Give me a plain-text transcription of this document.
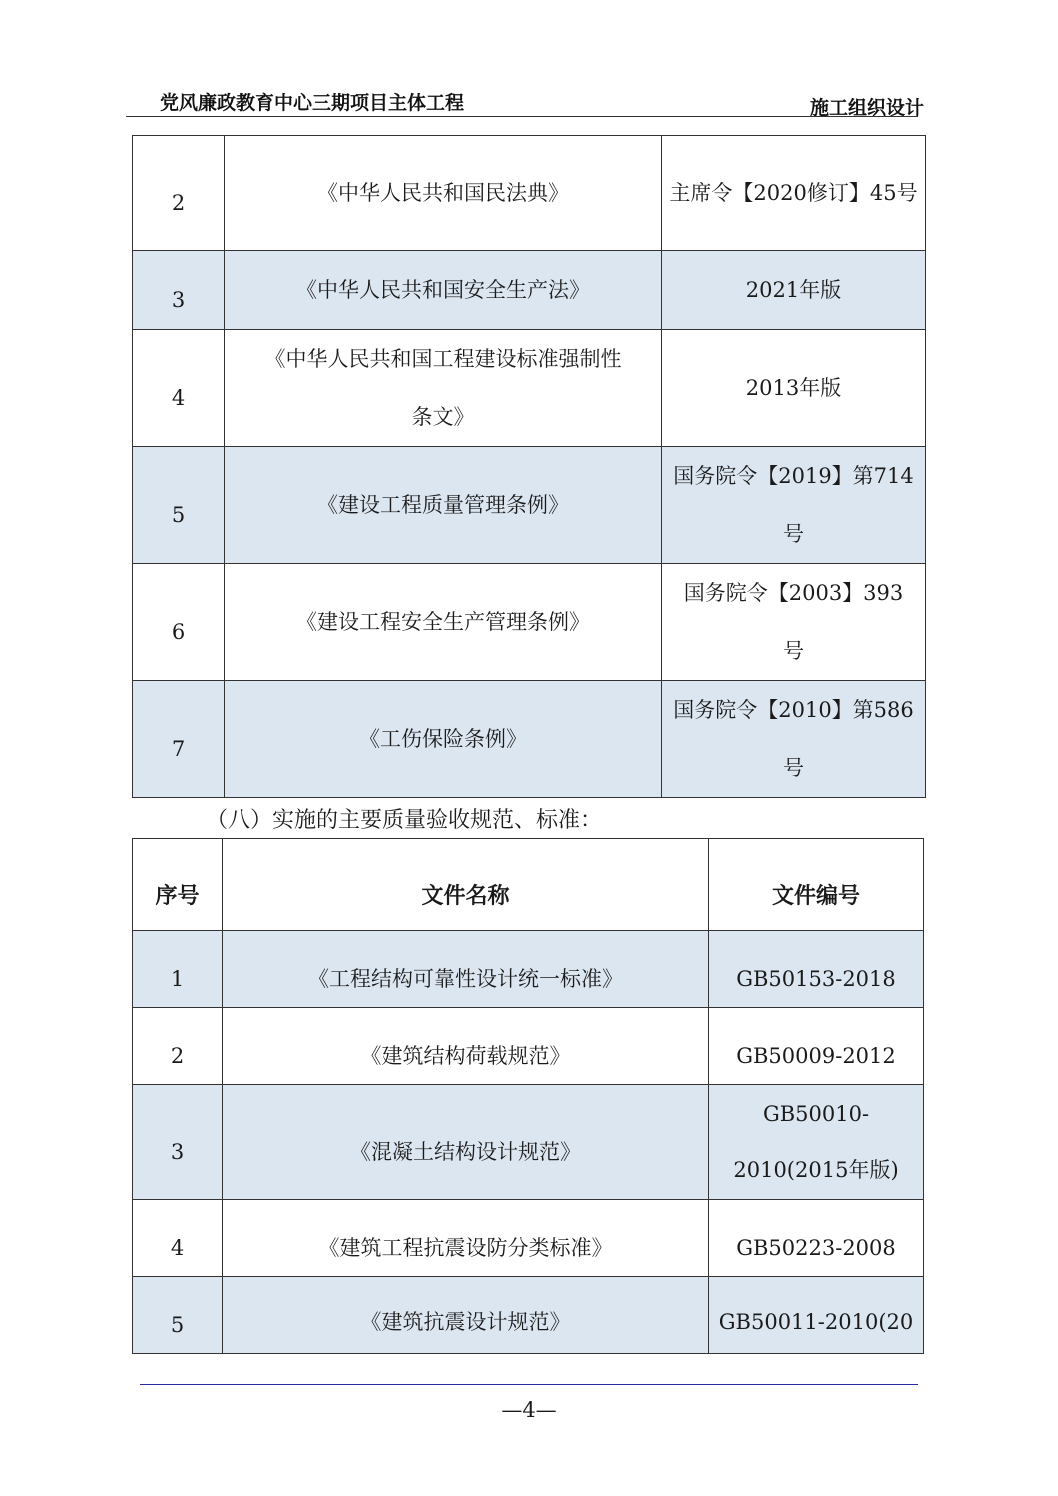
党风廉政教育中心三期项目主体工程	施工组织设计
2	《中华人民共和国民法典》	主席令【2020修订】45号
3	《中华人民共和国安全生产法》	2021年版
4	《中华人民共和国工程建设标准强制性条文》	2013年版
5	《建设工程质量管理条例》	国务院令【2019】第714号
6	《建设工程安全生产管理条例》	国务院令【2003】393号
7	《工伤保险条例》	国务院令【2010】第586号
（八）实施的主要质量验收规范、标准：
序号	文件名称	文件编号
1	《工程结构可靠性设计统一标准》	GB50153-2018
2	《建筑结构荷载规范》	GB50009-2012
3	《混凝土结构设计规范》	GB50010-2010(2015年版)
4	《建筑工程抗震设防分类标准》	GB50223-2008
5	《建筑抗震设计规范》	GB50011-2010(20
—4—
